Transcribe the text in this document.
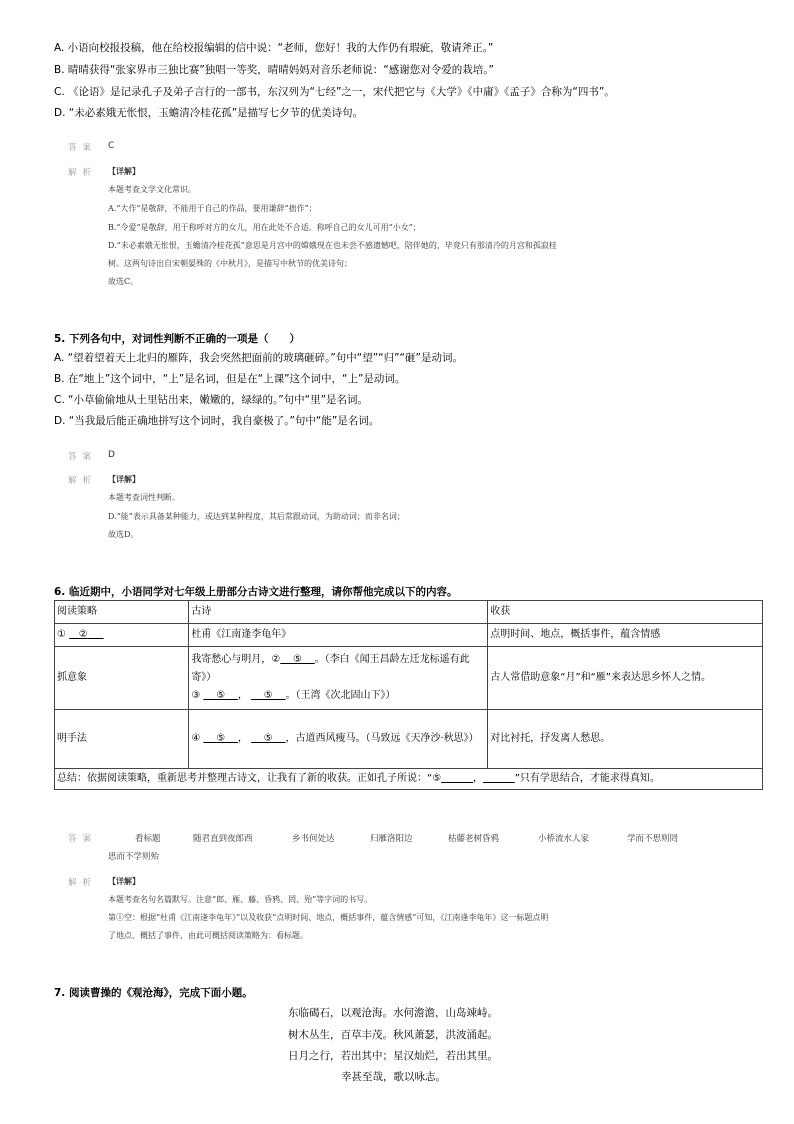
A. 小语向校报投稿，他在给校报编辑的信中说：“老师，您好！我的大作仍有瑕疵，敬请斧正。”
B. 晴晴获得“张家界市三独比赛”独唱一等奖，晴晴妈妈对音乐老师说：“感谢您对令爱的栽培。”
C. 《论语》是记录孔子及弟子言行的一部书，东汉列为“七经”之一，宋代把它与《大学》《中庸》《孟子》合称为“四书”。
D. “未必素娥无怅恨，玉蟾清冷桂花孤”是描写七夕节的优美诗句。
答案 C
解析 【详解】
本题考查文学文化常识。
A.“大作”是敬辞，不能用于自己的作品，要用谦辞“拙作”；
B.“令爱”是敬辞，用于称呼对方的女儿，用在此处不合适。称呼自己的女儿可用“小女”；
D.“未必素娥无怅恨，玉蟾清冷桂花孤”意思是月宫中的嫦娥现在也未尝不感遗憾吧，陪伴她的，毕竟只有那清冷的月宫和孤寂桂
树。这两句诗出自宋朝晏殊的《中秋月》，是描写中秋节的优美诗句；
故选C。
5. 下列各句中，对词性判断不正确的一项是（　　）
A. “望着望着天上北归的雁阵，我会突然把面前的玻璃砸碎。”句中“望”“归”“砸”是动词。
B. 在“地上”这个词中，“上”是名词，但是在“上课”这个词中，“上”是动词。
C. “小草偷偷地从土里钻出来，嫩嫩的，绿绿的。”句中“里”是名词。
D. “当我最后能正确地拼写这个词时，我自豪极了。”句中“能”是名词。
答案 D
解析 【详解】
本题考查词性判断。
D.“能”表示具备某种能力，或达到某种程度，其后常跟动词，为助动词；而非名词；
故选D。
6. 临近期中，小语同学对七年级上册部分古诗文进行整理，请你帮他完成以下的内容。
阅读策略	古诗	收获
① ②	杜甫《江南逢李龟年》	点明时间、地点，概括事件，蕴含情感
抓意象	我寄愁心与明月，② ⑤ 。（李白《闻王昌龄左迁龙标遥有此寄》）
③ ⑤ ， ⑤ 。（王湾《次北固山下》）	古人常借助意象“月”和“雁”来表达思乡怀人之情。
明手法	④ ⑤ ， ⑤ ，古道西风瘦马。（马致远《天净沙·秋思》）	对比衬托，抒发离人愁思。
总结：依据阅读策略，重新思考并整理古诗文，让我有了新的收获。正如孔子所说：“⑤ ， ”只有学思结合，才能求得真知。		
答案	看标题	随君直到夜郎西	乡书何处达	归雁洛阳边	枯藤老树昏鸦	小桥流水人家	学而不思则罔
思而不学则殆
解析 【详解】
本题考查名句名篇默写。注意“郎、雁、藤、昏鸦、罔、殆”等字词的书写。
第①空：根据“杜甫《江南逢李龟年》”以及收获“点明时间、地点，概括事件，蕴含情感”可知，《江南逢李龟年》这一标题点明
了地点、概括了事件，由此可概括阅读策略为：看标题。
7. 阅读曹操的《观沧海》，完成下面小题。
东临碣石，以观沧海。水何澹澹，山岛竦峙。
树木丛生，百草丰茂。秋风萧瑟，洪波涌起。
日月之行，若出其中；星汉灿烂，若出其里。
幸甚至哉，歌以咏志。
